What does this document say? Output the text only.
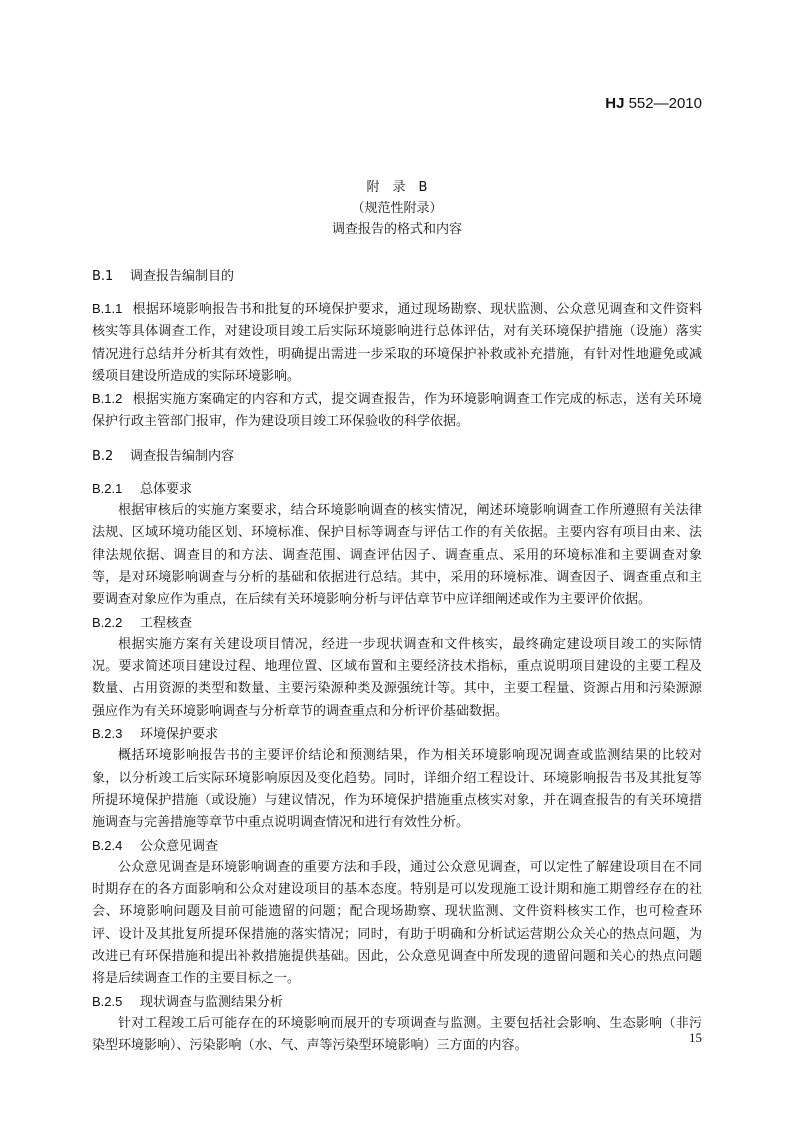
HJ 552—2010
附　录　B
（规范性附录）
调查报告的格式和内容
B.1 调查报告编制目的
B.1.1 根据环境影响报告书和批复的环境保护要求，通过现场勘察、现状监测、公众意见调查和文件资料核实等具体调查工作，对建设项目竣工后实际环境影响进行总体评估，对有关环境保护措施（设施）落实情况进行总结并分析其有效性，明确提出需进一步采取的环境保护补救或补充措施，有针对性地避免或减缓项目建设所造成的实际环境影响。
B.1.2 根据实施方案确定的内容和方式，提交调查报告，作为环境影响调查工作完成的标志，送有关环境保护行政主管部门报审，作为建设项目竣工环保验收的科学依据。
B.2 调查报告编制内容
B.2.1 总体要求
根据审核后的实施方案要求，结合环境影响调查的核实情况，阐述环境影响调查工作所遵照有关法律法规、区域环境功能区划、环境标准、保护目标等调查与评估工作的有关依据。主要内容有项目由来、法律法规依据、调查目的和方法、调查范围、调查评估因子、调查重点、采用的环境标准和主要调查对象等，是对环境影响调查与分析的基础和依据进行总结。其中，采用的环境标准、调查因子、调查重点和主要调查对象应作为重点，在后续有关环境影响分析与评估章节中应详细阐述或作为主要评价依据。
B.2.2 工程核查
根据实施方案有关建设项目情况，经进一步现状调查和文件核实，最终确定建设项目竣工的实际情况。要求简述项目建设过程、地理位置、区域布置和主要经济技术指标，重点说明项目建设的主要工程及数量、占用资源的类型和数量、主要污染源种类及源强统计等。其中，主要工程量、资源占用和污染源源强应作为有关环境影响调查与分析章节的调查重点和分析评价基础数据。
B.2.3 环境保护要求
概括环境影响报告书的主要评价结论和预测结果，作为相关环境影响现况调查或监测结果的比较对象，以分析竣工后实际环境影响原因及变化趋势。同时，详细介绍工程设计、环境影响报告书及其批复等所提环境保护措施（或设施）与建议情况，作为环境保护措施重点核实对象，并在调查报告的有关环境措施调查与完善措施等章节中重点说明调查情况和进行有效性分析。
B.2.4 公众意见调查
公众意见调查是环境影响调查的重要方法和手段，通过公众意见调查，可以定性了解建设项目在不同时期存在的各方面影响和公众对建设项目的基本态度。特别是可以发现施工设计期和施工期曾经存在的社会、环境影响问题及目前可能遗留的问题；配合现场勘察、现状监测、文件资料核实工作，也可检查环评、设计及其批复所提环保措施的落实情况；同时，有助于明确和分析试运营期公众关心的热点问题，为改进已有环保措施和提出补救措施提供基础。因此，公众意见调查中所发现的遗留问题和关心的热点问题将是后续调查工作的主要目标之一。
B.2.5 现状调查与监测结果分析
针对工程竣工后可能存在的环境影响而展开的专项调查与监测。主要包括社会影响、生态影响（非污染型环境影响）、污染影响（水、气、声等污染型环境影响）三方面的内容。
15
